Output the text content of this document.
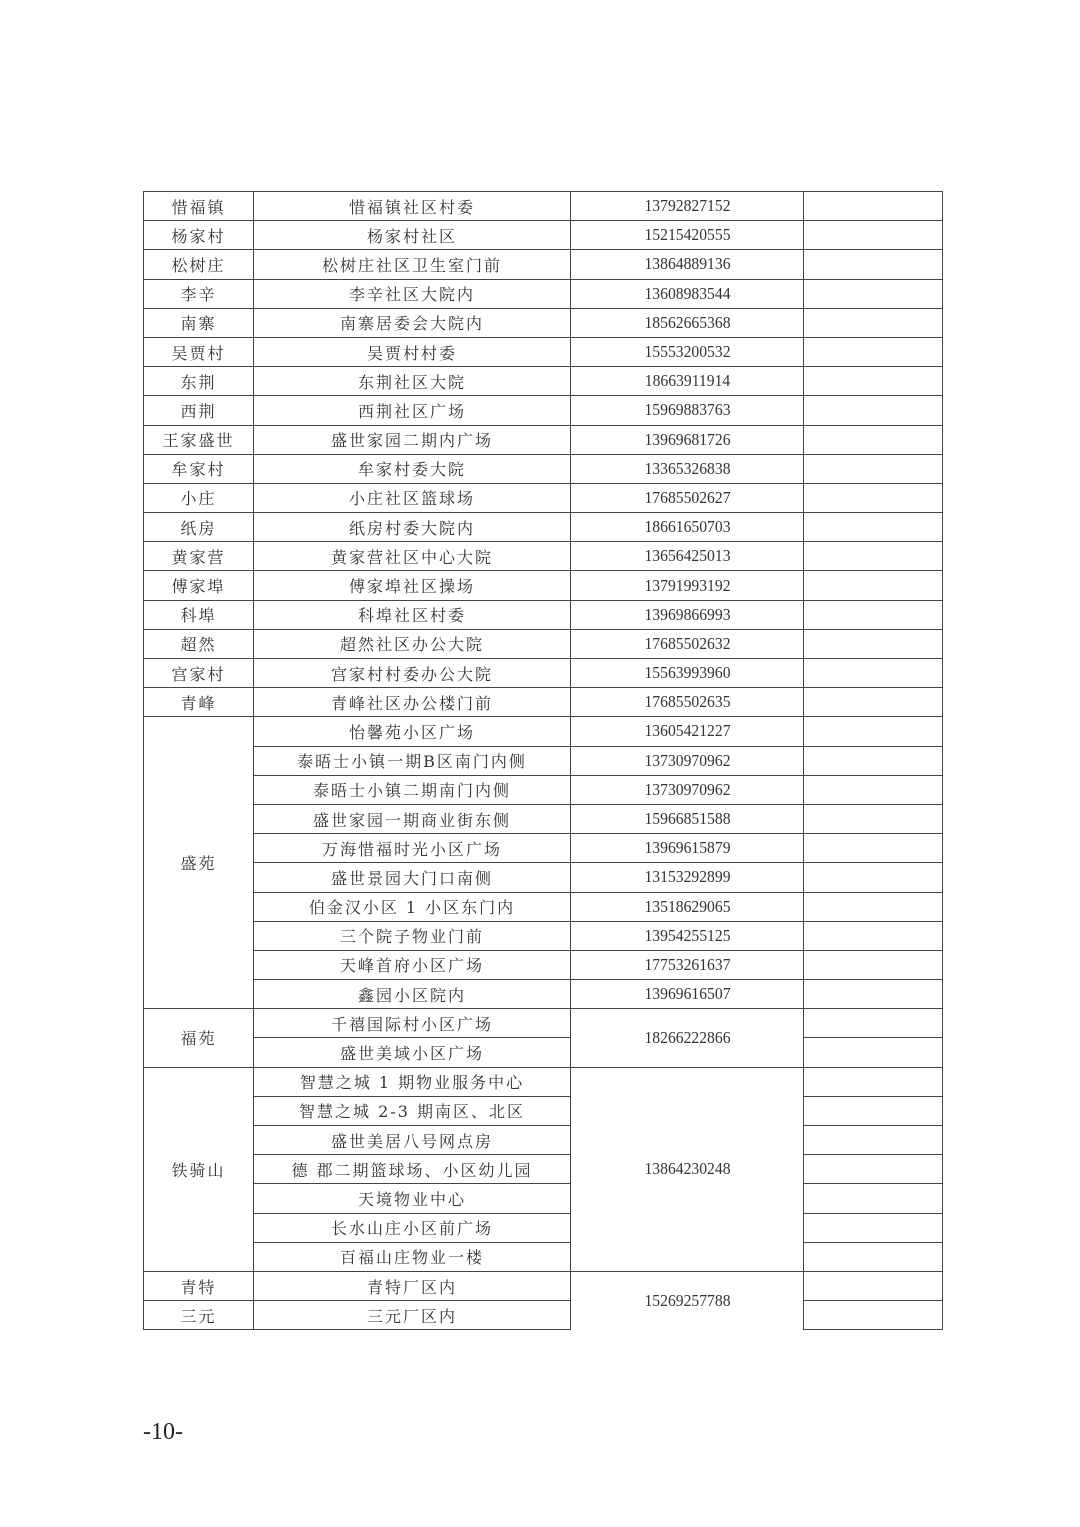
惜福镇	惜福镇社区村委	13792827152	
杨家村	杨家村社区	15215420555	
松树庄	松树庄社区卫生室门前	13864889136	
李辛	李辛社区大院内	13608983544	
南寨	南寨居委会大院内	18562665368	
吴贾村	吴贾村村委	15553200532	
东荆	东荆社区大院	18663911914	
西荆	西荆社区广场	15969883763	
王家盛世	盛世家园二期内广场	13969681726	
牟家村	牟家村委大院	13365326838	
小庄	小庄社区篮球场	17685502627	
纸房	纸房村委大院内	18661650703	
黄家营	黄家营社区中心大院	13656425013	
傅家埠	傅家埠社区操场	13791993192	
科埠	科埠社区村委	13969866993	
超然	超然社区办公大院	17685502632	
宫家村	宫家村村委办公大院	15563993960	
青峰	青峰社区办公楼门前	17685502635	
盛苑	怡馨苑小区广场	13605421227	
	泰晤士小镇一期B区南门内侧	13730970962	
	泰晤士小镇二期南门内侧	13730970962	
	盛世家园一期商业街东侧	15966851588	
	万海惜福时光小区广场	13969615879	
	盛世景园大门口南侧	13153292899	
	伯金汉小区 1 小区东门内	13518629065	
	三个院子物业门前	13954255125	
	天峰首府小区广场	17753261637	
	鑫园小区院内	13969616507	
福苑	千禧国际村小区广场	18266222866	
	盛世美域小区广场		
铁骑山	智慧之城 1 期物业服务中心	13864230248	
	智慧之城 2-3 期南区、北区		
	盛世美居八号网点房		
	德 郡二期篮球场、小区幼儿园		
	天境物业中心		
	长水山庄小区前广场		
	百福山庄物业一楼		
青特	青特厂区内	15269257788	
三元	三元厂区内		
-10-
